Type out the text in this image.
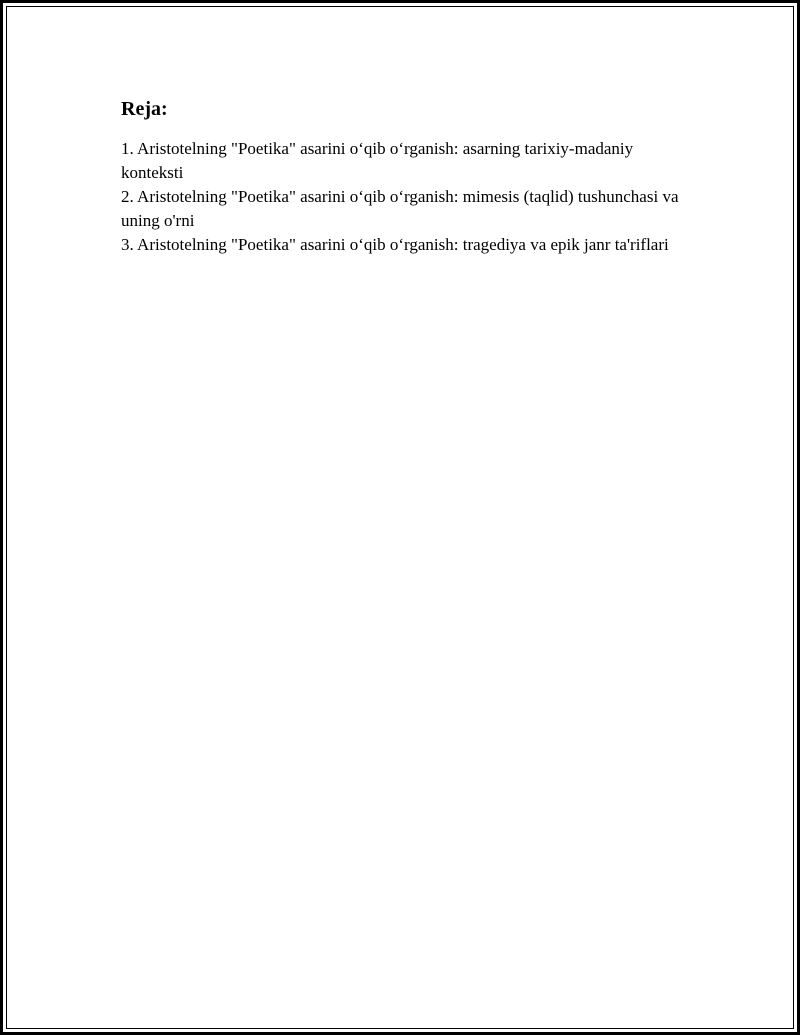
Reja:
1. Aristotelning "Poetika" asarini o‘qib o‘rganish: asarning tarixiy-madaniy konteksti
2. Aristotelning "Poetika" asarini o‘qib o‘rganish: mimesis (taqlid) tushunchasi va uning o'rni
3. Aristotelning "Poetika" asarini o‘qib o‘rganish: tragediya va epik janr ta'riflari
